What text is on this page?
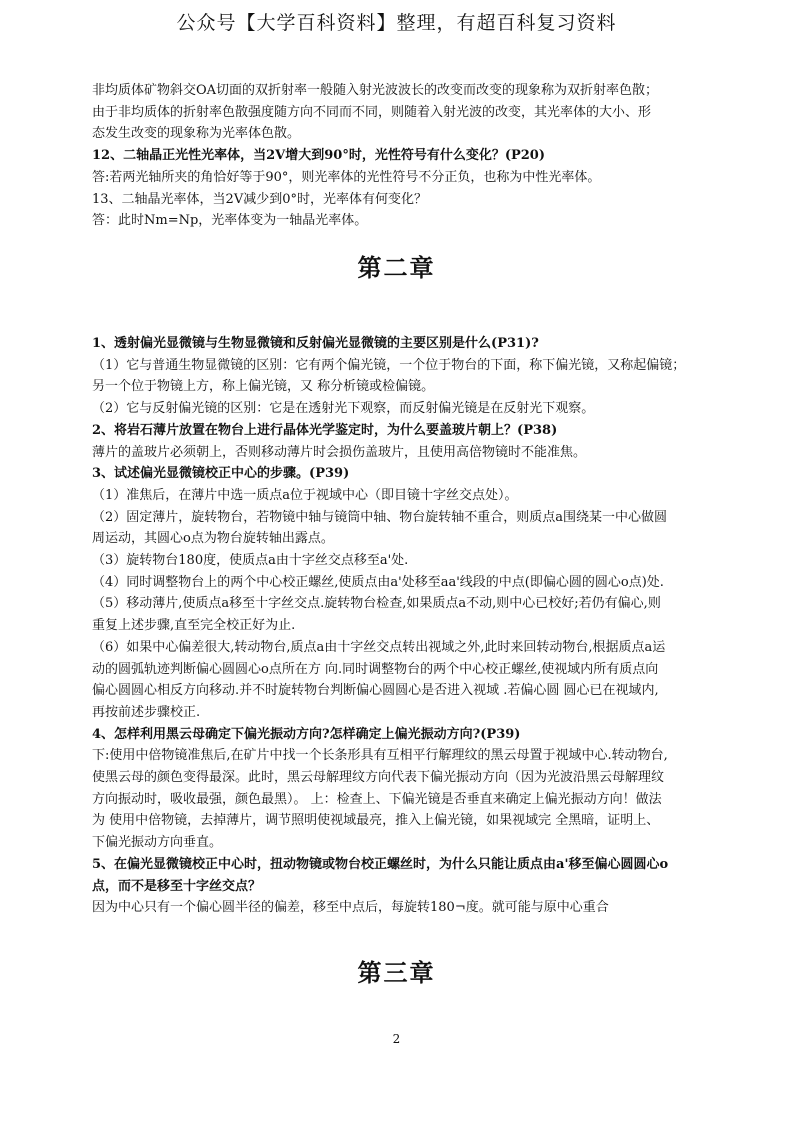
公众号【大学百科资料】整理，有超百科复习资料

非均质体矿物斜交OA切面的双折射率一般随入射光波波长的改变而改变的现象称为双折射率色散；

由于非均质体的折射率色散强度随方向不同而不同，则随着入射光波的改变，其光率体的大小、形

态发生改变的现象称为光率体色散。

12、二轴晶正光性光率体，当2V增大到90°时，光性符号有什么变化？(P20)

答:若两光轴所夹的角恰好等于90°，则光率体的光性符号不分正负，也称为中性光率体。

13、二轴晶光率体，当2V减少到0°时，光率体有何变化？

答：此时Nm=Np，光率体变为一轴晶光率体。

第二章

1、透射偏光显微镜与生物显微镜和反射偏光显微镜的主要区别是什么(P31)?

（1）它与普通生物显微镜的区别：它有两个偏光镜，一个位于物台的下面，称下偏光镜，又称起偏镜；

另一个位于物镜上方，称上偏光镜，又 称分析镜或检偏镜。

（2）它与反射偏光镜的区别：它是在透射光下观察，而反射偏光镜是在反射光下观察。

2、将岩石薄片放置在物台上进行晶体光学鉴定时，为什么要盖玻片朝上？(P38)

薄片的盖玻片必须朝上，否则移动薄片时会损伤盖玻片，且使用高倍物镜时不能准焦。

3、试述偏光显微镜校正中心的步骤。(P39)

（1）准焦后，在薄片中选一质点a位于视域中心（即目镜十字丝交点处）。

（2）固定薄片，旋转物台，若物镜中轴与镜筒中轴、物台旋转轴不重合，则质点a围绕某一中心做圆

周运动，其圆心o点为物台旋转轴出露点。

（3）旋转物台180度，使质点a由十字丝交点移至a'处.

（4）同时调整物台上的两个中心校正螺丝,使质点由a'处移至aa'线段的中点(即偏心圆的圆心o点)处.

（5）移动薄片,使质点a移至十字丝交点.旋转物台检查,如果质点a不动,则中心已校好;若仍有偏心,则

重复上述步骤,直至完全校正好为止.

（6）如果中心偏差很大,转动物台,质点a由十字丝交点转出视域之外,此时来回转动物台,根据质点a运

动的圆弧轨迹判断偏心圆圆心o点所在方 向.同时调整物台的两个中心校正螺丝,使视域内所有质点向

偏心圆圆心相反方向移动.并不时旋转物台判断偏心圆圆心是否进入视域 .若偏心圆 圆心已在视域内,

再按前述步骤校正.

4、怎样利用黑云母确定下偏光振动方向?怎样确定上偏光振动方向?(P39)

下:使用中倍物镜准焦后,在矿片中找一个长条形具有互相平行解理纹的黑云母置于视域中心.转动物台,

使黑云母的颜色变得最深。此时，黑云母解理纹方向代表下偏光振动方向（因为光波沿黑云母解理纹

方向振动时，吸收最强，颜色最黑）。 上：检查上、下偏光镜是否垂直来确定上偏光振动方向！做法

为 使用中倍物镜，去掉薄片，调节照明使视域最亮，推入上偏光镜，如果视域完 全黑暗，证明上、

下偏光振动方向垂直。

5、在偏光显微镜校正中心时，扭动物镜或物台校正螺丝时，为什么只能让质点由a'移至偏心圆圆心o

点，而不是移至十字丝交点？

因为中心只有一个偏心圆半径的偏差，移至中点后，每旋转180¬度。就可能与原中心重合

第三章
2
